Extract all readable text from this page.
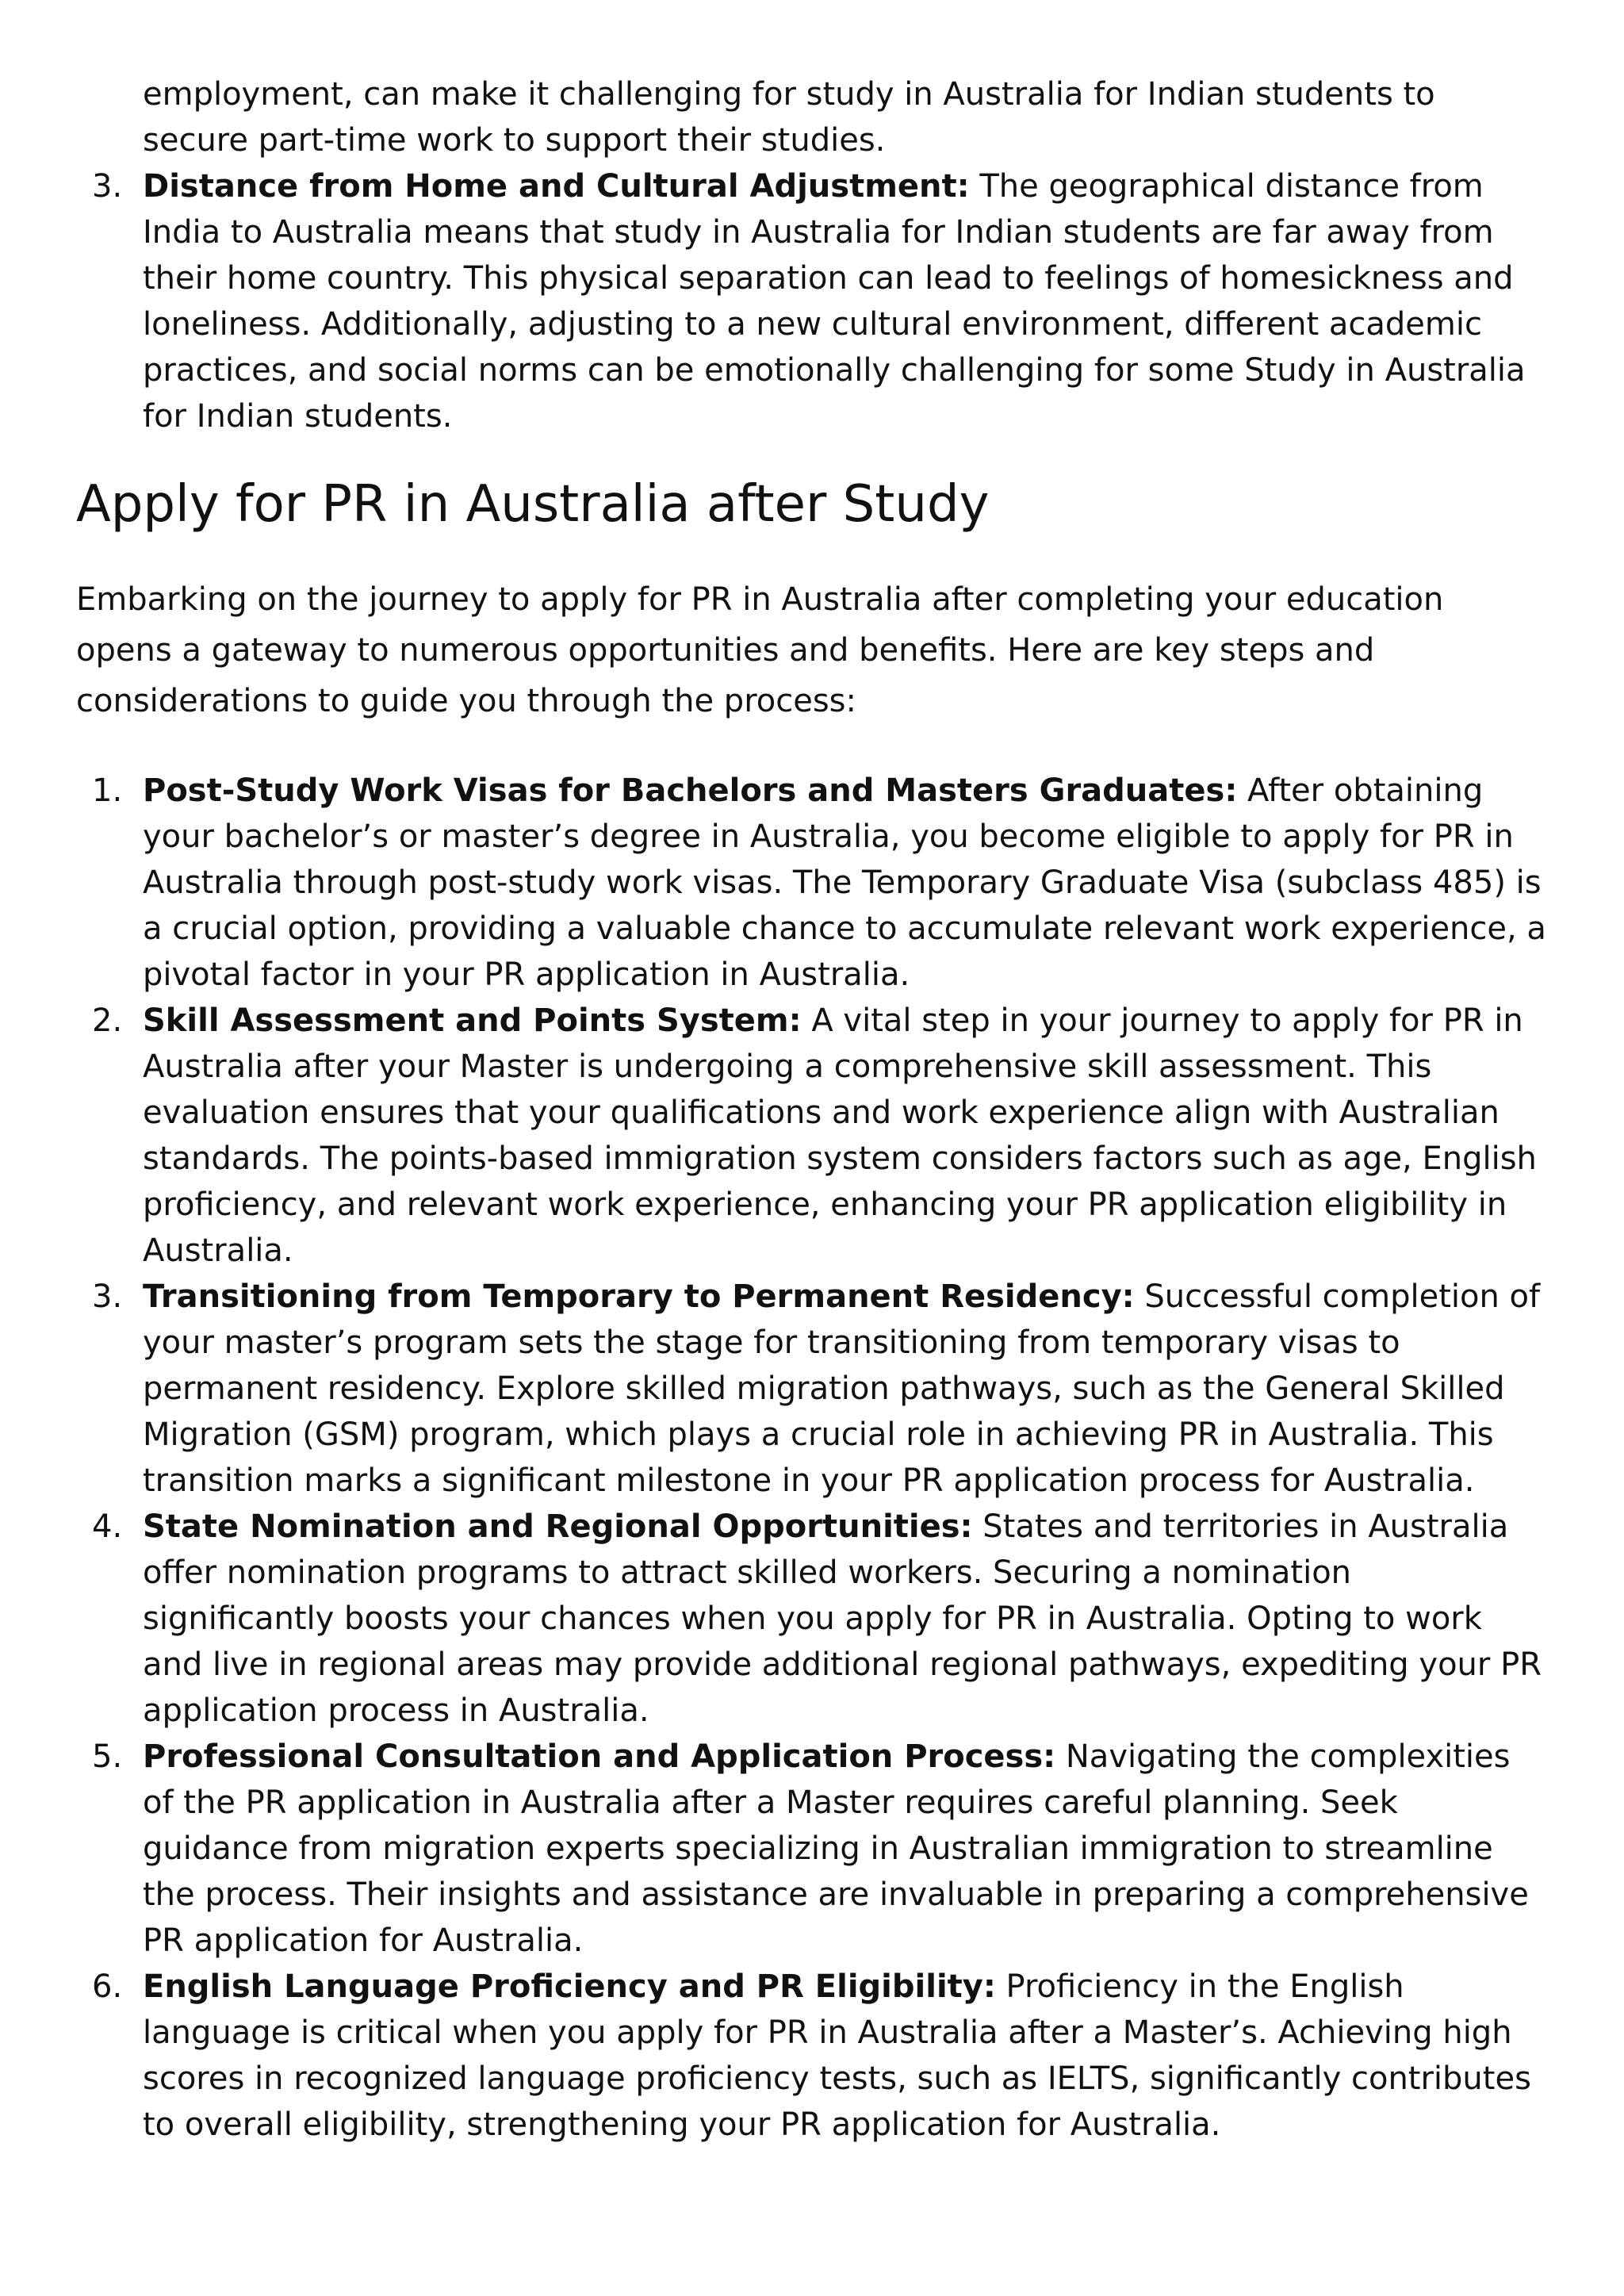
employment, can make it challenging for study in Australia for Indian students to secure part-time work to support their studies.
3. Distance from Home and Cultural Adjustment: The geographical distance from India to Australia means that study in Australia for Indian students are far away from their home country. This physical separation can lead to feelings of homesickness and loneliness. Additionally, adjusting to a new cultural environment, different academic practices, and social norms can be emotionally challenging for some Study in Australia for Indian students.
Apply for PR in Australia after Study

Embarking on the journey to apply for PR in Australia after completing your education opens a gateway to numerous opportunities and benefits. Here are key steps and considerations to guide you through the process:

1. Post-Study Work Visas for Bachelors and Masters Graduates: After obtaining your bachelor’s or master’s degree in Australia, you become eligible to apply for PR in Australia through post-study work visas. The Temporary Graduate Visa (subclass 485) is a crucial option, providing a valuable chance to accumulate relevant work experience, a pivotal factor in your PR application in Australia.
2. Skill Assessment and Points System: A vital step in your journey to apply for PR in Australia after your Master is undergoing a comprehensive skill assessment. This evaluation ensures that your qualifications and work experience align with Australian standards. The points-based immigration system considers factors such as age, English proficiency, and relevant work experience, enhancing your PR application eligibility in Australia.
3. Transitioning from Temporary to Permanent Residency: Successful completion of your master’s program sets the stage for transitioning from temporary visas to permanent residency. Explore skilled migration pathways, such as the General Skilled Migration (GSM) program, which plays a crucial role in achieving PR in Australia. This transition marks a significant milestone in your PR application process for Australia.
4. State Nomination and Regional Opportunities: States and territories in Australia offer nomination programs to attract skilled workers. Securing a nomination significantly boosts your chances when you apply for PR in Australia. Opting to work and live in regional areas may provide additional regional pathways, expediting your PR application process in Australia.
5. Professional Consultation and Application Process: Navigating the complexities of the PR application in Australia after a Master requires careful planning. Seek guidance from migration experts specializing in Australian immigration to streamline the process. Their insights and assistance are invaluable in preparing a comprehensive PR application for Australia.
6. English Language Proficiency and PR Eligibility: Proficiency in the English language is critical when you apply for PR in Australia after a Master’s. Achieving high scores in recognized language proficiency tests, such as IELTS, significantly contributes to overall eligibility, strengthening your PR application for Australia.
